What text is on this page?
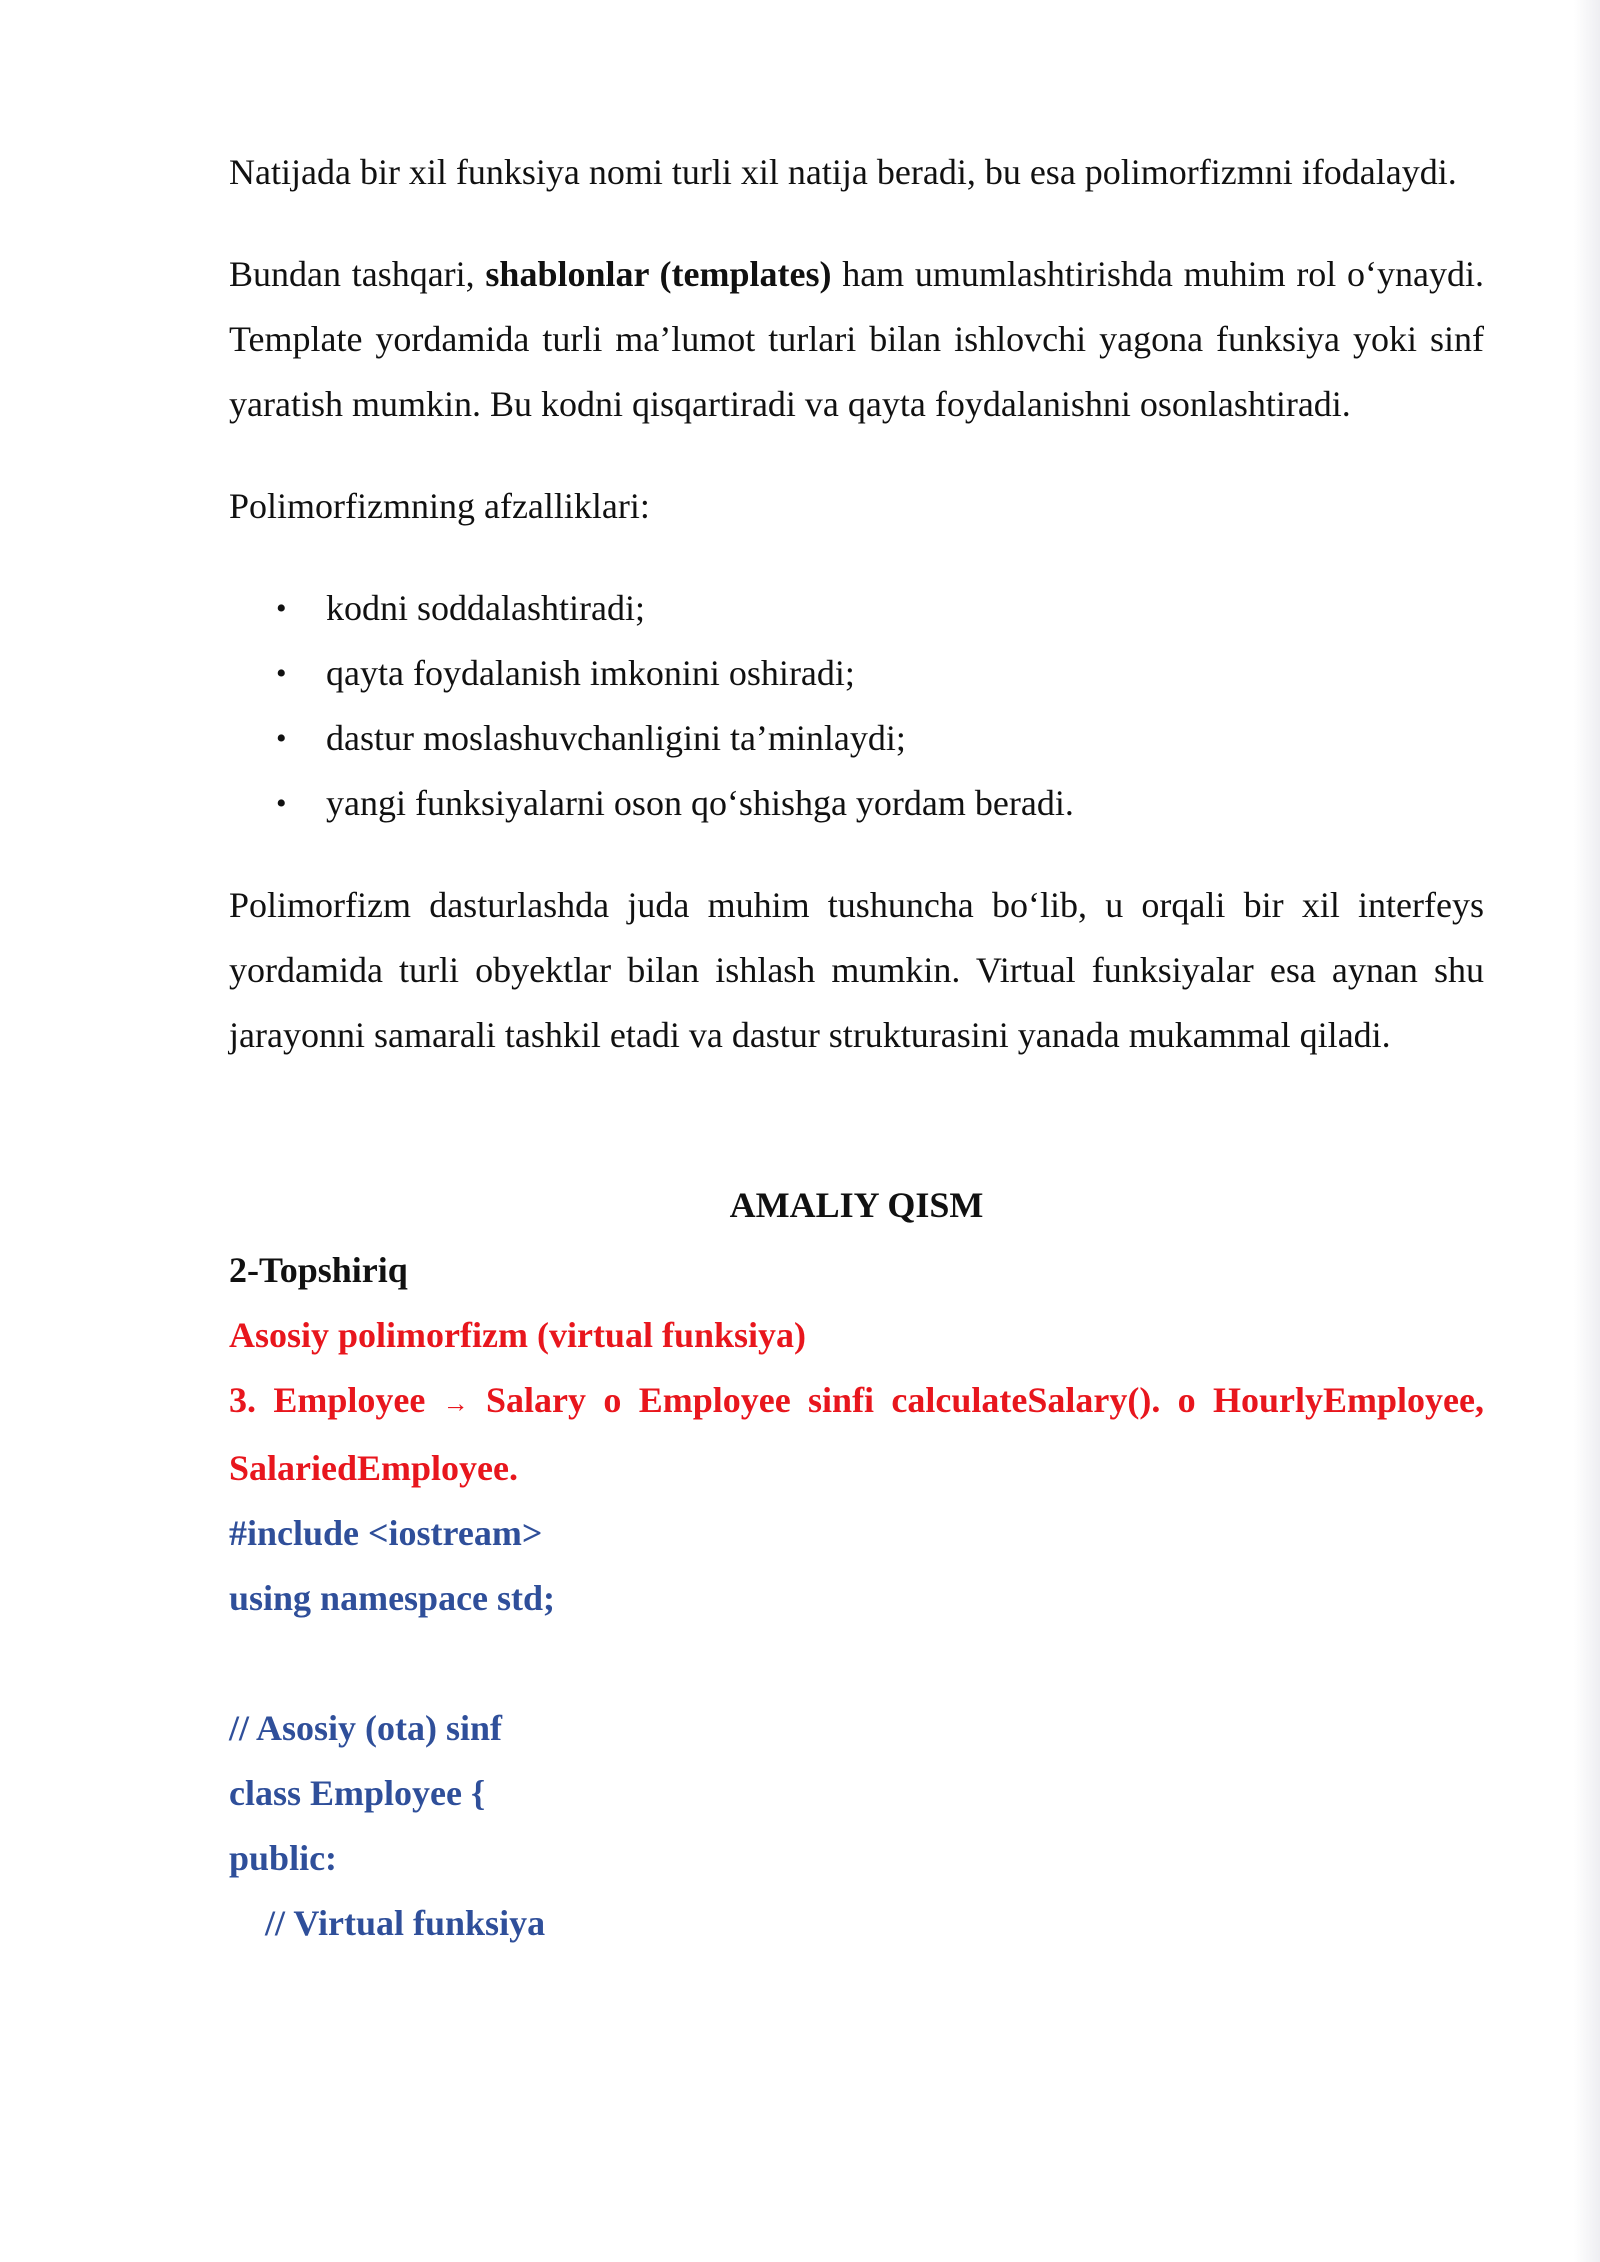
Natijada bir xil funksiya nomi turli xil natija beradi, bu esa polimorfizmni ifodalaydi.

Bundan tashqari, shablonlar (templates) ham umumlashtirishda muhim rol o‘ynaydi. Template yordamida turli ma’lumot turlari bilan ishlovchi yagona funksiya yoki sinf yaratish mumkin. Bu kodni qisqartiradi va qayta foydalanishni osonlashtiradi.

Polimorfizmning afzalliklari:

• kodni soddalashtiradi;
• qayta foydalanish imkonini oshiradi;
• dastur moslashuvchanligini ta’minlaydi;
• yangi funksiyalarni oson qo‘shishga yordam beradi.

Polimorfizm dasturlashda juda muhim tushuncha bo‘lib, u orqali bir xil interfeys yordamida turli obyektlar bilan ishlash mumkin. Virtual funksiyalar esa aynan shu jarayonni samarali tashkil etadi va dastur strukturasini yanada mukammal qiladi.

AMALIY QISM

2-Topshiriq

Asosiy polimorfizm (virtual funksiya)

3. Employee → Salary o Employee sinfi calculateSalary(). o HourlyEmployee,

SalariedEmployee.

#include <iostream>

using namespace std;

// Asosiy (ota) sinf

class Employee {

public:

// Virtual funksiya
